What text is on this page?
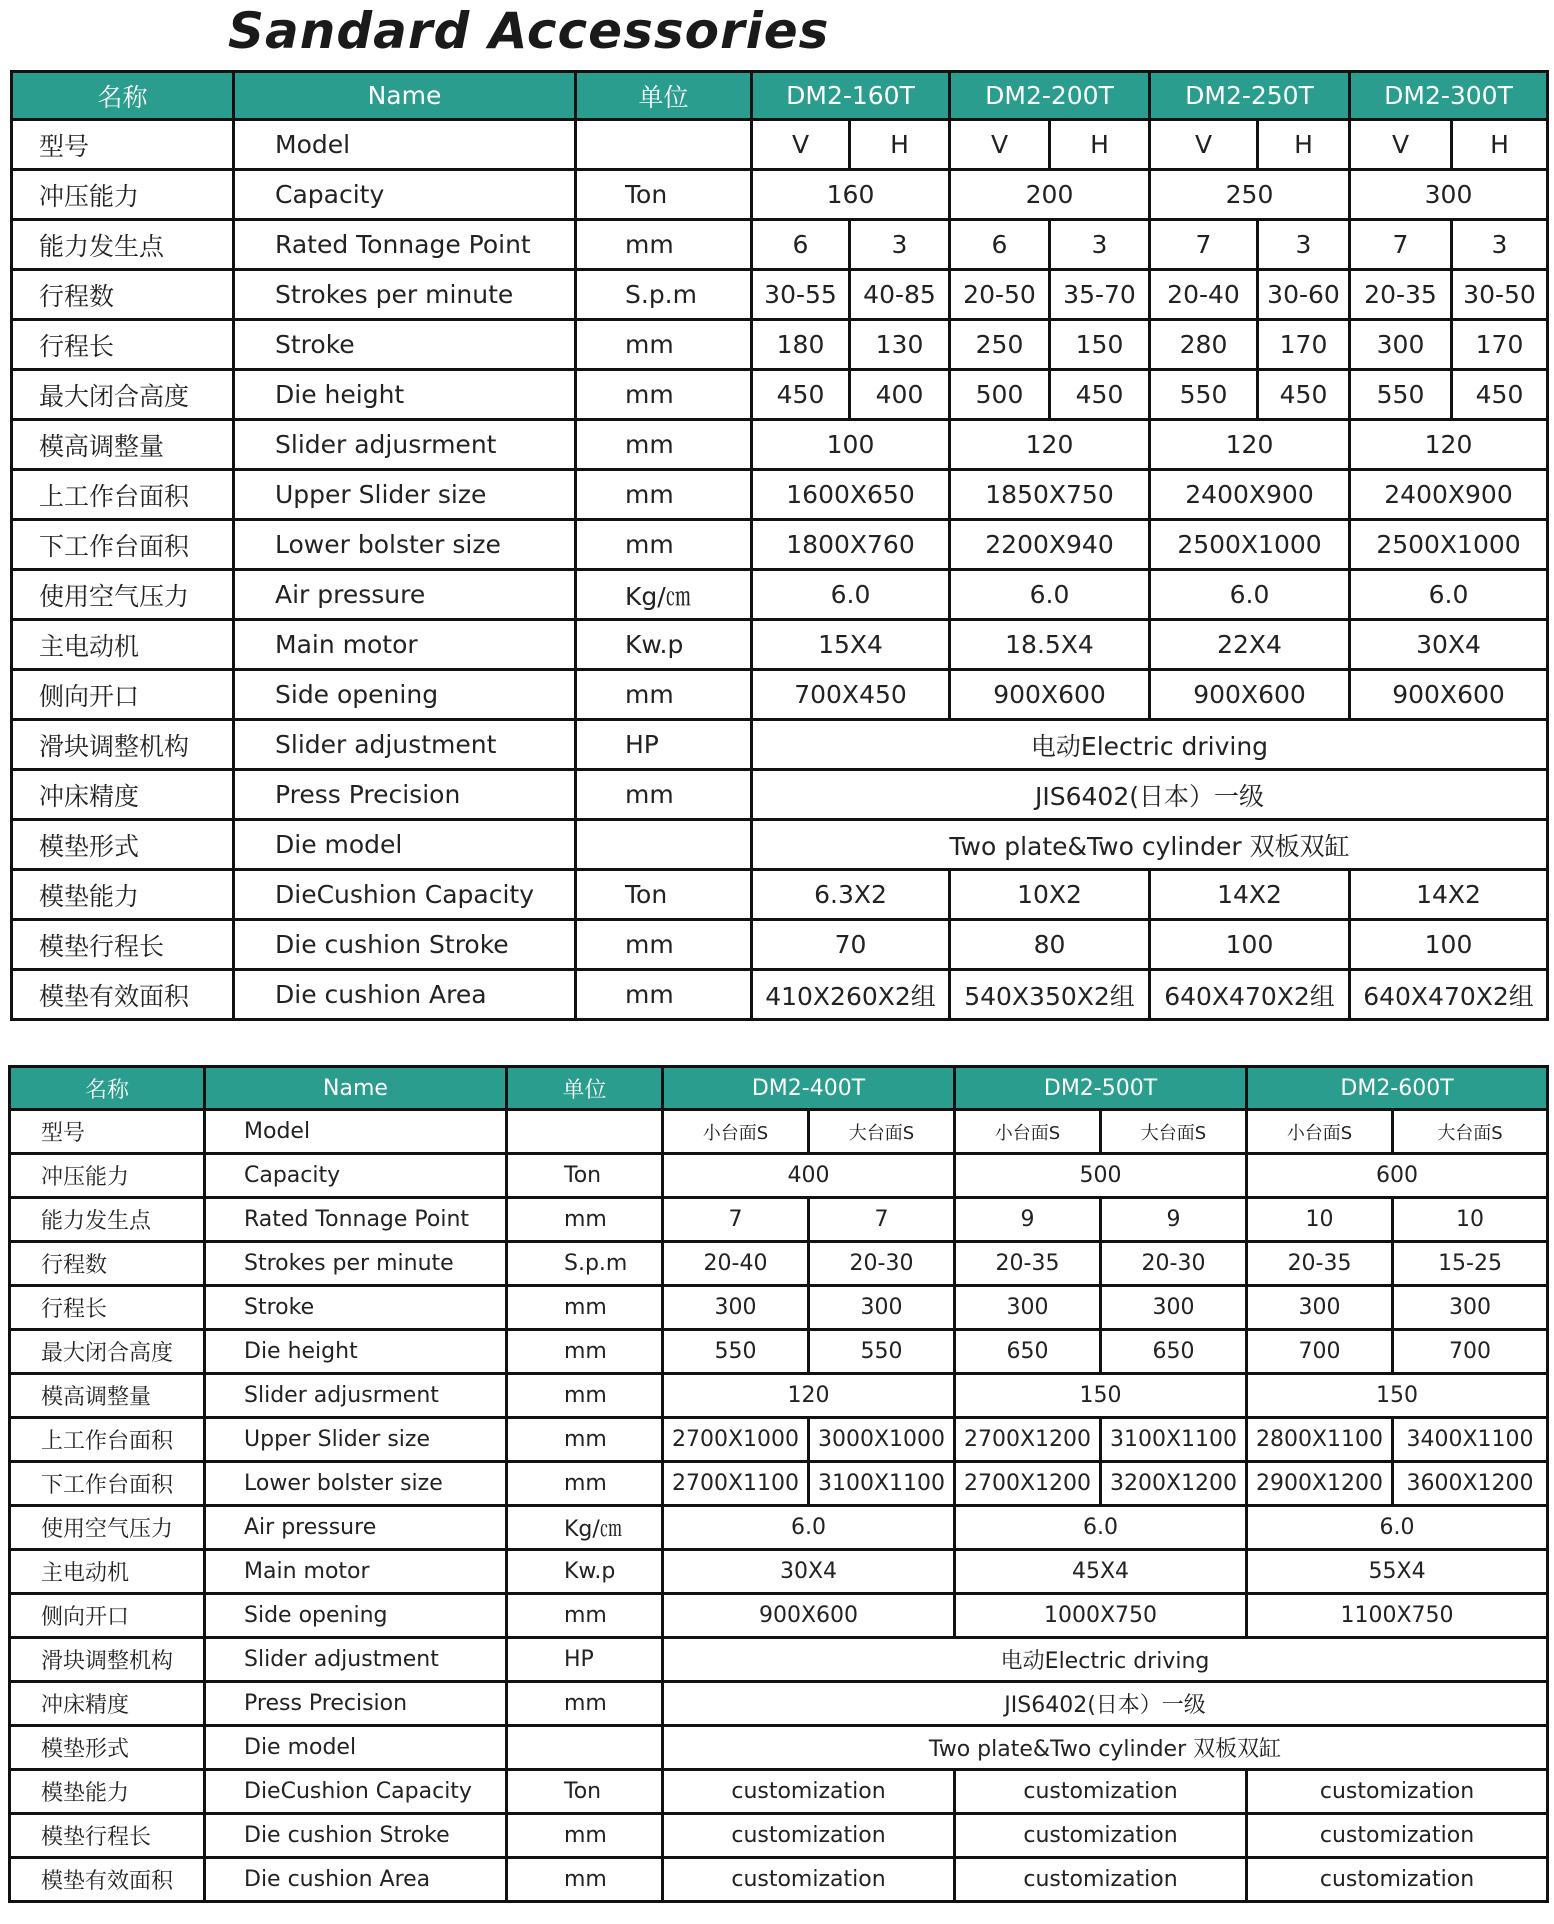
Sandard Accessories
名称	Name	单位	DM2-160T		DM2-200T		DM2-250T		DM2-300T	
型号	Model		V	H	V	H	V	H	V	H
冲压能力	Capacity	Ton	160		200		250		300	
能力发生点	Rated Tonnage Point	mm	6	3	6	3	7	3	7	3
行程数	Strokes per minute	S.p.m	30-55	40-85	20-50	35-70	20-40	30-60	20-35	30-50
行程长	Stroke	mm	180	130	250	150	280	170	300	170
最大闭合高度	Die height	mm	450	400	500	450	550	450	550	450
模高调整量	Slider adjusrment	mm	100		120		120		120	
上工作台面积	Upper Slider size	mm	1600X650		1850X750		2400X900		2400X900	
下工作台面积	Lower bolster size	mm	1800X760		2200X940		2500X1000		2500X1000	
使用空气压力	Air pressure	Kg/㎝	6.0		6.0		6.0		6.0	
主电动机	Main motor	Kw.p	15X4		18.5X4		22X4		30X4	
侧向开口	Side opening	mm	700X450		900X600		900X600		900X600	
滑块调整机构	Slider adjustment	HP	电动Electric driving							
冲床精度	Press Precision	mm	JIS6402(日本）一级							
模垫形式	Die model		Two plate&Two cylinder 双板双缸							
模垫能力	DieCushion Capacity	Ton	6.3X2		10X2		14X2		14X2	
模垫行程长	Die cushion Stroke	mm	70		80		100		100	
模垫有效面积	Die cushion Area	mm	410X260X2组		540X350X2组		640X470X2组		640X470X2组	
名称	Name	单位	DM2-400T		DM2-500T		DM2-600T	
型号	Model		小台面S	大台面S	小台面S	大台面S	小台面S	大台面S
冲压能力	Capacity	Ton	400		500		600	
能力发生点	Rated Tonnage Point	mm	7	7	9	9	10	10
行程数	Strokes per minute	S.p.m	20-40	20-30	20-35	20-30	20-35	15-25
行程长	Stroke	mm	300	300	300	300	300	300
最大闭合高度	Die height	mm	550	550	650	650	700	700
模高调整量	Slider adjusrment	mm	120		150		150	
上工作台面积	Upper Slider size	mm	2700X1000	3000X1000	2700X1200	3100X1100	2800X1100	3400X1100
下工作台面积	Lower bolster size	mm	2700X1100	3100X1100	2700X1200	3200X1200	2900X1200	3600X1200
使用空气压力	Air pressure	Kg/㎝	6.0		6.0		6.0	
主电动机	Main motor	Kw.p	30X4		45X4		55X4	
侧向开口	Side opening	mm	900X600		1000X750		1100X750	
滑块调整机构	Slider adjustment	HP	电动Electric driving					
冲床精度	Press Precision	mm	JIS6402(日本）一级					
模垫形式	Die model		Two plate&Two cylinder 双板双缸					
模垫能力	DieCushion Capacity	Ton	customization		customization		customization	
模垫行程长	Die cushion Stroke	mm	customization		customization		customization	
模垫有效面积	Die cushion Area	mm	customization		customization		customization	
